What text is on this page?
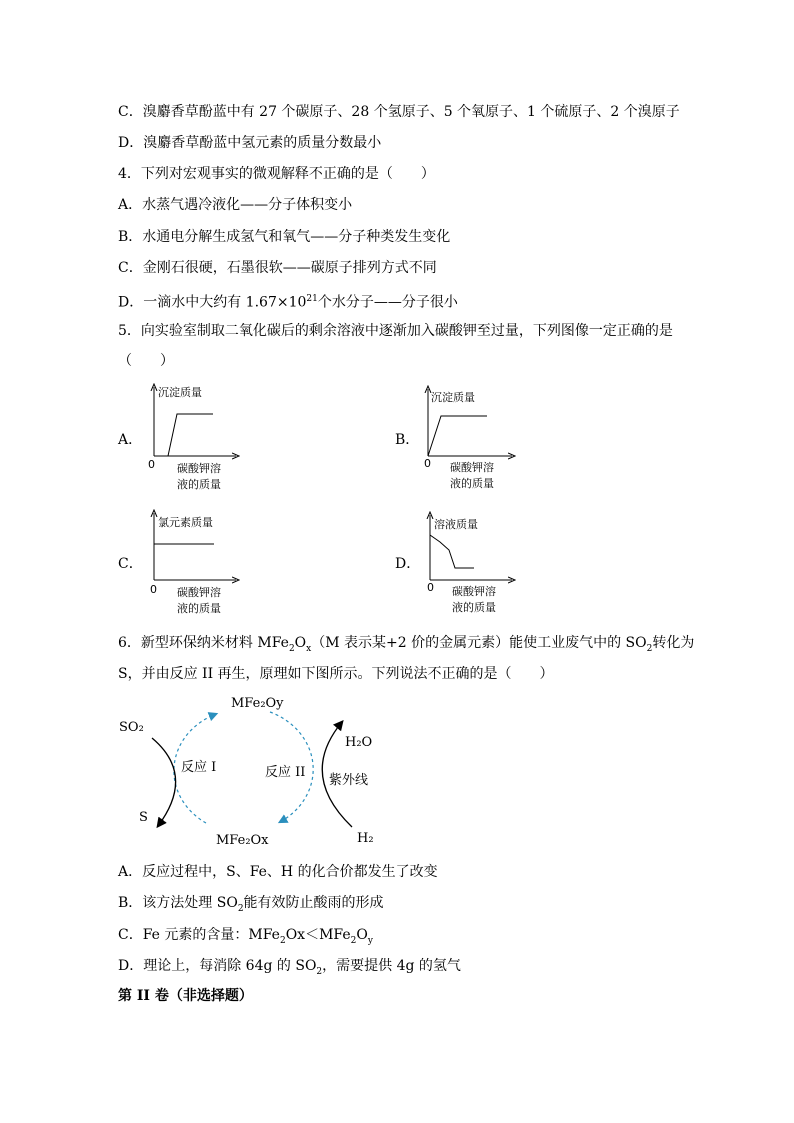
C．溴麝香草酚蓝中有 27 个碳原子、28 个氢原子、5 个氧原子、1 个硫原子、2 个溴原子
D．溴麝香草酚蓝中氢元素的质量分数最小
4．下列对宏观事实的微观解释不正确的是（　　）
A．水蒸气遇冷液化——分子体积变小
B．水通电分解生成氢气和氧气——分子种类发生变化
C．金刚石很硬，石墨很软——碳原子排列方式不同
D．一滴水中大约有 $1.67\times 10^{21}$个水分子——分子很小
5．向实验室制取二氧化碳后的剩余溶液中逐渐加入碳酸钾至过量，下列图像一定正确的是
（　　）
A．
沉淀质量
0 碳酸钾溶
液的质量
沉淀质量
0 碳酸钾溶
液的质量
氯元素质量
0 碳酸钾溶
液的质量
溶液质量
0 碳酸钾溶
液的质量
MFe₂Oy
MFe₂Ox
SO₂
S
H₂O
H₂
反应 I	反应 II
紫外线
B．
C．	D．
6．新型环保纳米材料 $MFe_2O_x(M$ 表示某+2 价的金属元素）能使工业废气中的 $SO_2$转化为
S，并由反应 II 再生，原理如下图所示。下列说法不正确的是（　　）
A．反应过程中，S、Fe、H 的化合价都发生了改变
B．该方法处理 $SO_2$能有效防止酸雨的形成
C．Fe 元素的含量：$MFe_2Ox<MFe_2O_y$
D．理论上，每消除 64g 的 $SO_2$，需要提供 4g 的氢气
第 II 卷（非选择题）
